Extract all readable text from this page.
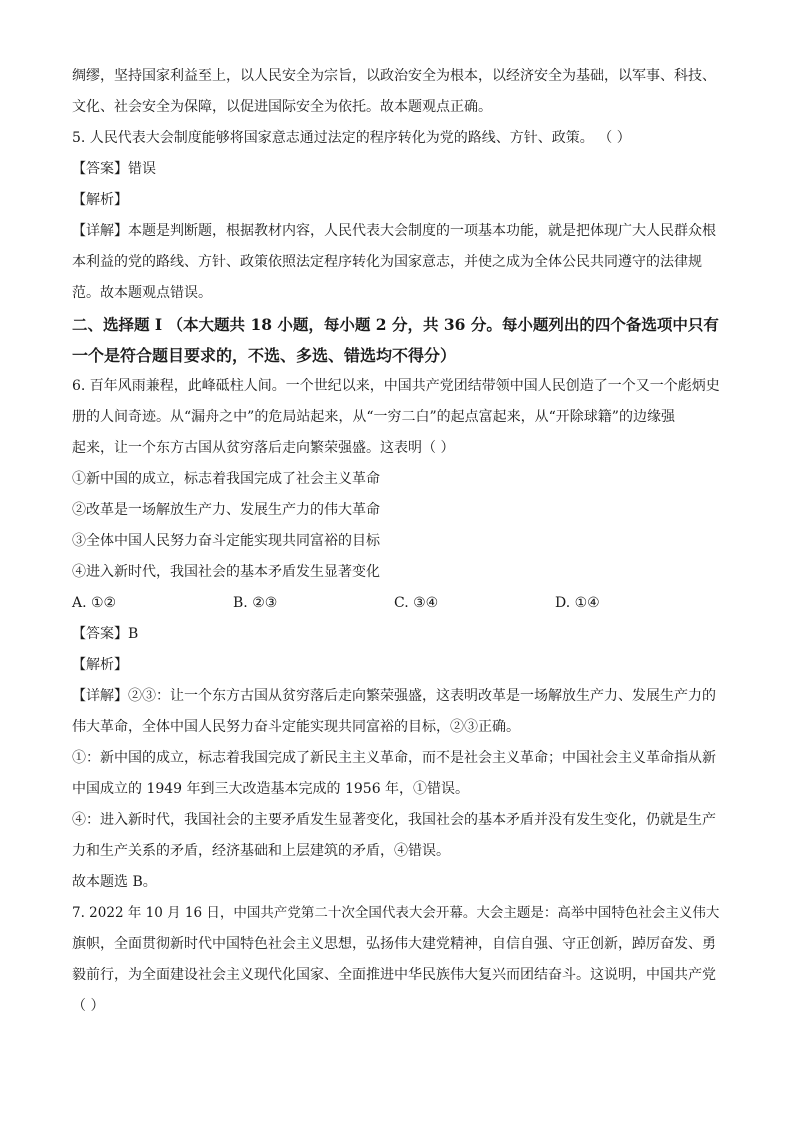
绸缪，坚持国家利益至上，以人民安全为宗旨，以政治安全为根本，以经济安全为基础，以军事、科技、
文化、社会安全为保障，以促进国际安全为依托。故本题观点正确。
5. 人民代表大会制度能够将国家意志通过法定的程序转化为党的路线、方针、政策。 （ ）
【答案】错误
【解析】
【详解】本题是判断题，根据教材内容，人民代表大会制度的一项基本功能，就是把体现广大人民群众根
本利益的党的路线、方针、政策依照法定程序转化为国家意志，并使之成为全体公民共同遵守的法律规
范。故本题观点错误。
二、选择题 I （本大题共 18 小题，每小题 2 分，共 36 分。每小题列出的四个备选项中只有
一个是符合题目要求的，不选、多选、错选均不得分）
6. 百年风雨兼程，此峰砥柱人间。一个世纪以来，中国共产党团结带领中国人民创造了一个又一个彪炳史
册的人间奇迹。从“漏舟之中”的危局站起来，从“一穷二白”的起点富起来，从“开除球籍”的边缘强
起来，让一个东方古国从贫穷落后走向繁荣强盛。这表明（ ）
①新中国的成立，标志着我国完成了社会主义革命
②改革是一场解放生产力、发展生产力的伟大革命
③全体中国人民努力奋斗定能实现共同富裕的目标
④进入新时代，我国社会的基本矛盾发生显著变化
A. ①②	B. ②③	C. ③④	D. ①④
【答案】B
【解析】
【详解】②③：让一个东方古国从贫穷落后走向繁荣强盛，这表明改革是一场解放生产力、发展生产力的
伟大革命，全体中国人民努力奋斗定能实现共同富裕的目标，②③正确。
①：新中国的成立，标志着我国完成了新民主主义革命，而不是社会主义革命；中国社会主义革命指从新
中国成立的 1949 年到三大改造基本完成的 1956 年，①错误。
④：进入新时代，我国社会的主要矛盾发生显著变化，我国社会的基本矛盾并没有发生变化，仍就是生产
力和生产关系的矛盾，经济基础和上层建筑的矛盾，④错误。
故本题选 B。
7. 2022 年 10 月 16 日，中国共产党第二十次全国代表大会开幕。大会主题是：高举中国特色社会主义伟大
旗帜，全面贯彻新时代中国特色社会主义思想，弘扬伟大建党精神，自信自强、守正创新，踔厉奋发、勇
毅前行，为全面建设社会主义现代化国家、全面推进中华民族伟大复兴而团结奋斗。这说明，中国共产党
（ ）
